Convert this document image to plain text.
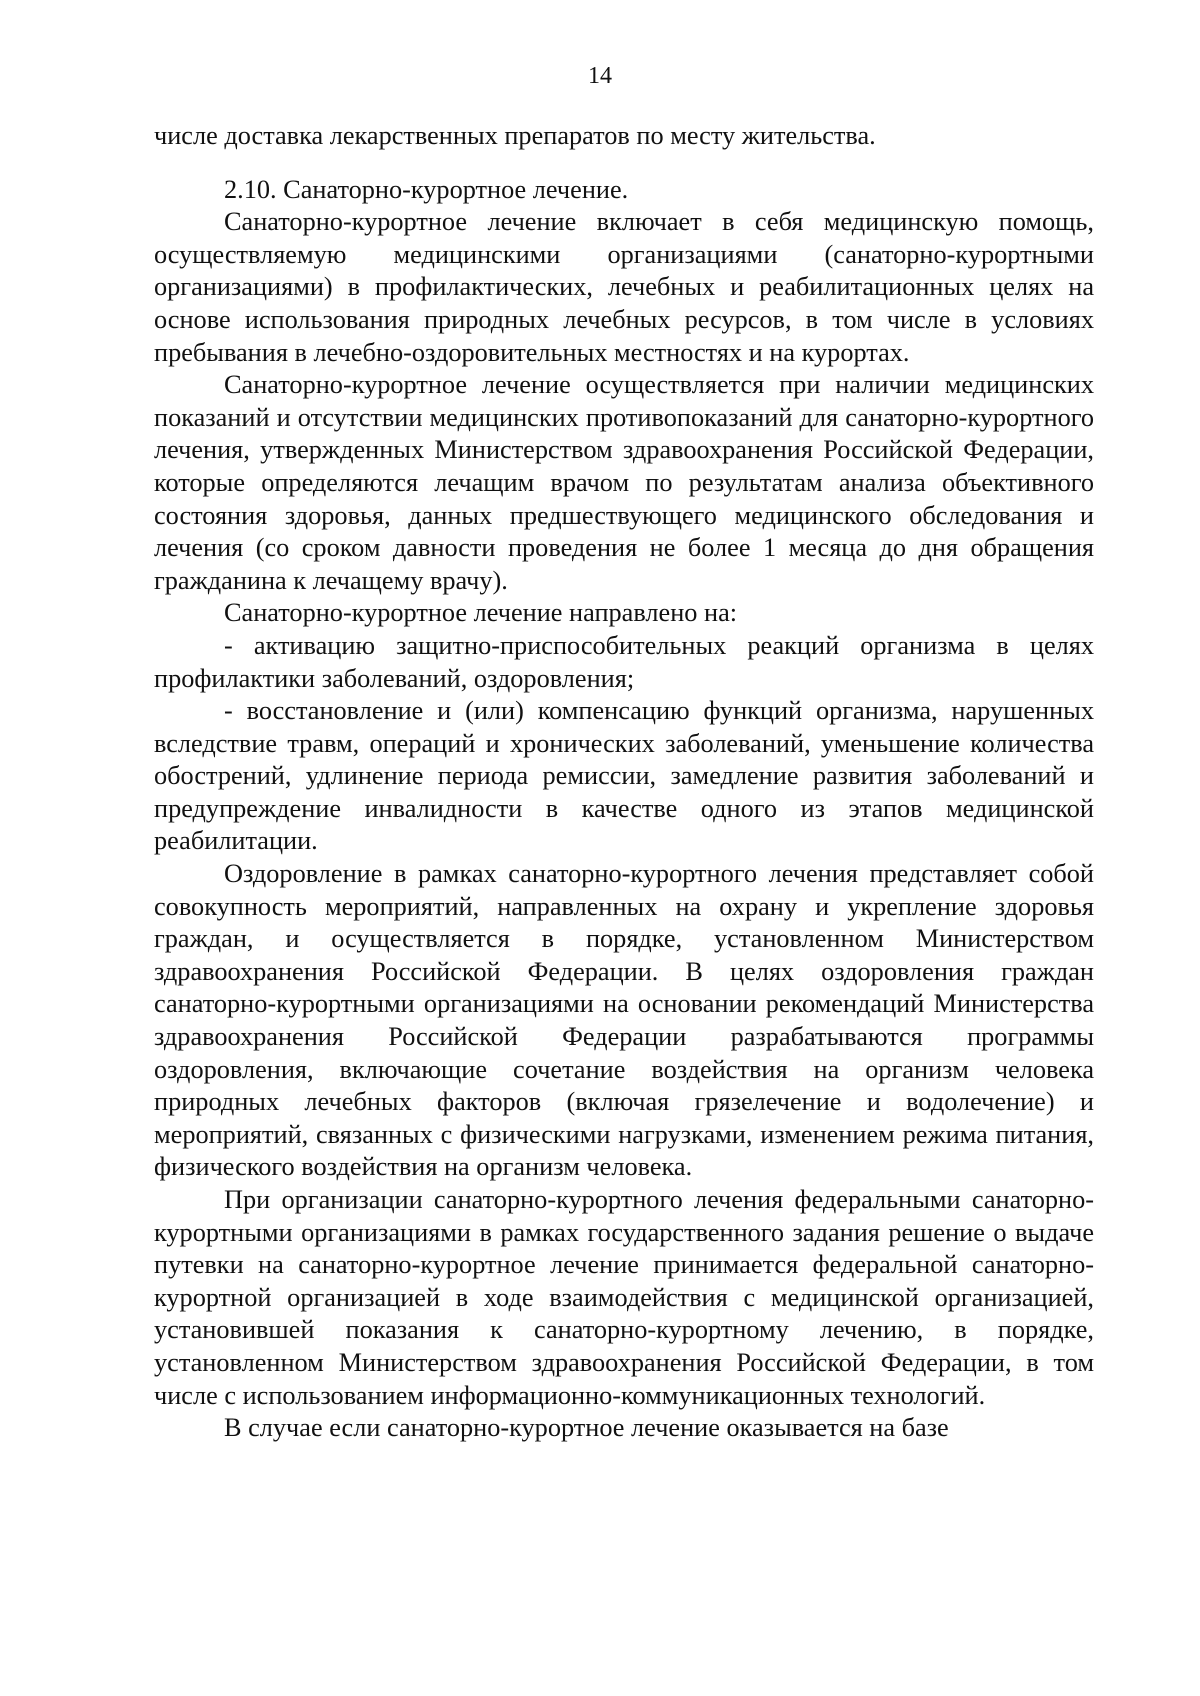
14

числе доставка лекарственных препаратов по месту жительства.

2.10. Санаторно-курортное лечение.

Санаторно-курортное лечение включает в себя медицинскую помощь, осуществляемую медицинскими организациями (санаторно-курортными организациями) в профилактических, лечебных и реабилитационных целях на основе использования природных лечебных ресурсов, в том числе в условиях пребывания в лечебно-оздоровительных местностях и на курортах.

Санаторно-курортное лечение осуществляется при наличии медицинских показаний и отсутствии медицинских противопоказаний для санаторно-курортного лечения, утвержденных Министерством здравоохранения Российской Федерации, которые определяются лечащим врачом по результатам анализа объективного состояния здоровья, данных предшествующего медицинского обследования и лечения (со сроком давности проведения не более 1 месяца до дня обращения гражданина к лечащему врачу).

Санаторно-курортное лечение направлено на:

- активацию защитно-приспособительных реакций организма в целях профилактики заболеваний, оздоровления;

- восстановление и (или) компенсацию функций организма, нарушенных вследствие травм, операций и хронических заболеваний, уменьшение количества обострений, удлинение периода ремиссии, замедление развития заболеваний и предупреждение инвалидности в качестве одного из этапов медицинской реабилитации.

Оздоровление в рамках санаторно-курортного лечения представляет собой совокупность мероприятий, направленных на охрану и укрепление здоровья граждан, и осуществляется в порядке, установленном Министерством здравоохранения Российской Федерации. В целях оздоровления граждан санаторно-курортными организациями на основании рекомендаций Министерства здравоохранения Российской Федерации разрабатываются программы оздоровления, включающие сочетание воздействия на организм человека природных лечебных факторов (включая грязелечение и водолечение) и мероприятий, связанных с физическими нагрузками, изменением режима питания, физического воздействия на организм человека.

При организации санаторно-курортного лечения федеральными санаторно-курортными организациями в рамках государственного задания решение о выдаче путевки на санаторно-курортное лечение принимается федеральной санаторно-курортной организацией в ходе взаимодействия с медицинской организацией, установившей показания к санаторно-курортному лечению, в порядке, установленном Министерством здравоохранения Российской Федерации, в том числе с использованием информационно-коммуникационных технологий.

В случае если санаторно-курортное лечение оказывается на базе
